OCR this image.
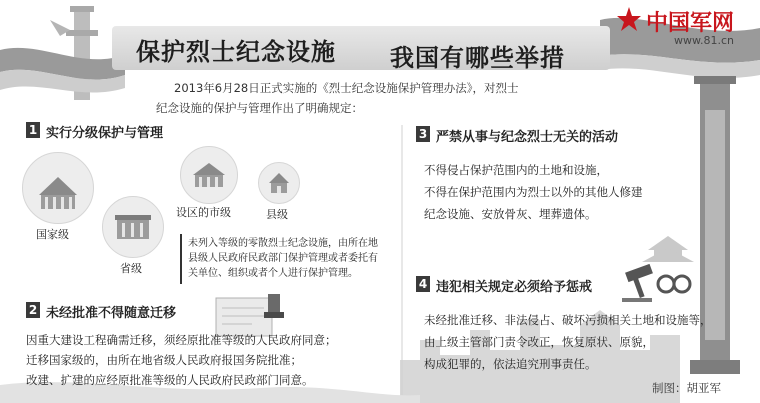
保护烈士纪念设施 我国有哪些举措
中国军网
www.81.cn
2013年6月28日正式实施的《烈士纪念设施保护管理办法》，对烈士
纪念设施的保护与管理作出了明确规定：
1 实行分级保护与管理
国家级
省级
设区的市级	县级
未列入等级的零散烈士纪念设施，由所在地
县级人民政府民政部门保护管理或者委托有
关单位、组织或者个人进行保护管理。
2 未经批准不得随意迁移
因重大建设工程确需迁移，须经原批准等级的人民政府同意；
迁移国家级的，由所在地省级人民政府报国务院批准；
改建、扩建的应经原批准等级的人民政府民政部门同意。
3 严禁从事与纪念烈士无关的活动
不得侵占保护范围内的土地和设施，
不得在保护范围内为烈士以外的其他人修建
纪念设施、安放骨灰、埋葬遗体。
4 违犯相关规定必须给予惩戒
未经批准迁移、非法侵占、破坏污损相关土地和设施等，
由上级主管部门责令改正，恢复原状、原貌，
构成犯罪的，依法追究刑事责任。
制图：胡亚军
